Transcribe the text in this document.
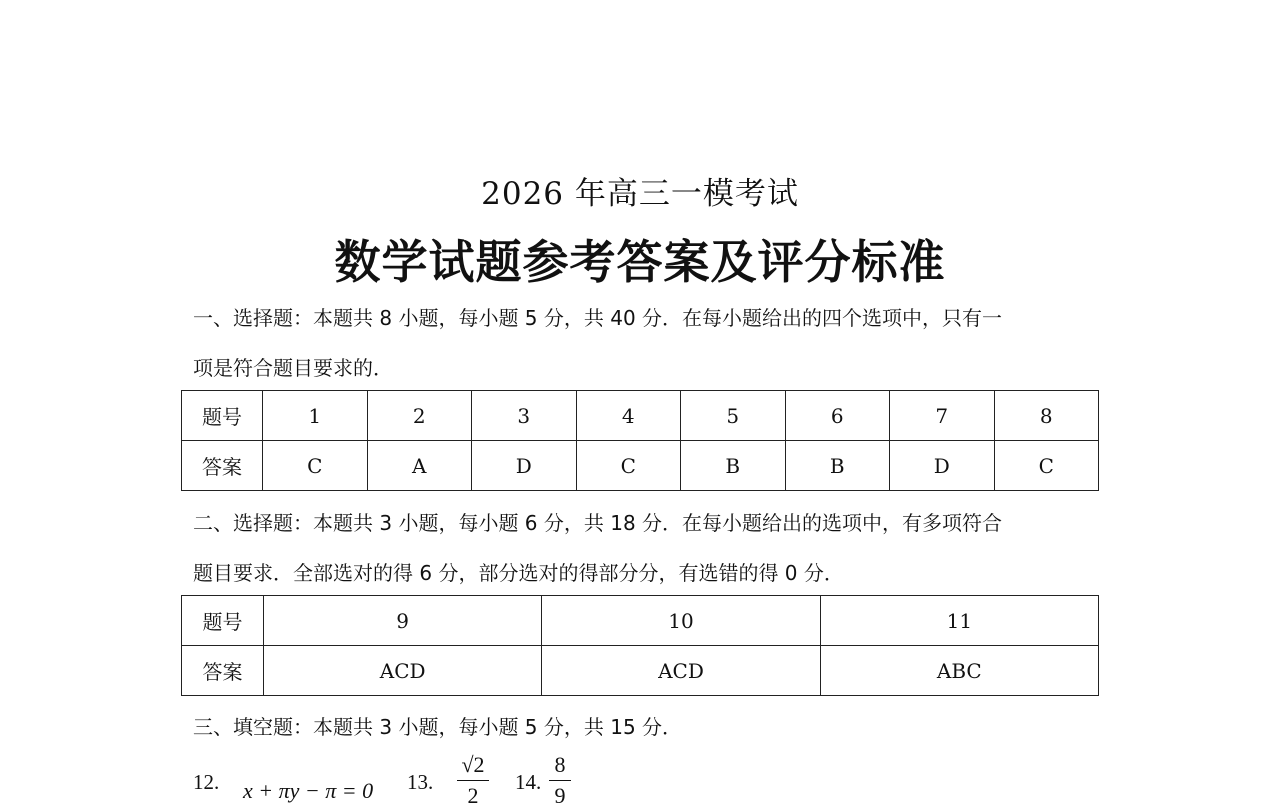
2026 年高三一模考试
数学试题参考答案及评分标准
一、选择题：本题共 8 小题，每小题 5 分，共 40 分．在每小题给出的四个选项中，只有一
项是符合题目要求的．
题号	1	2	3	4	5	6	7	8
答案	C	A	D	C	B	B	D	C
二、选择题：本题共 3 小题，每小题 6 分，共 18 分．在每小题给出的选项中，有多项符合
题目要求．全部选对的得 6 分，部分选对的得部分分，有选错的得 0 分．
题号	9	10	11
答案	ACD	ACD	ABC
三、填空题：本题共 3 小题，每小题 5 分，共 15 分．
12. x + πy − π = 0 13.
√2
2
14.
8
9
